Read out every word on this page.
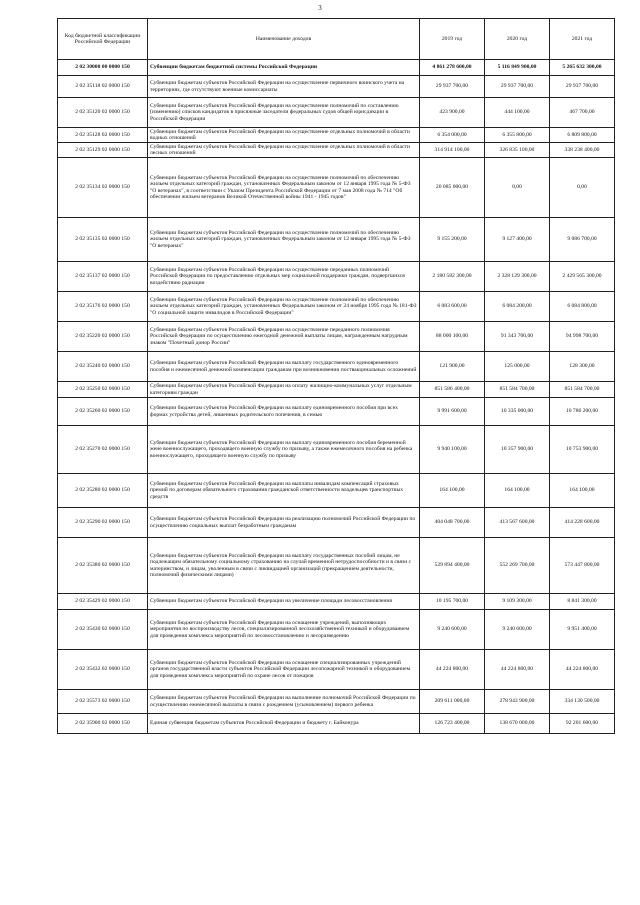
3
Код бюджетной классификации Российской Федерации	Наименование доходов	2019 год	2020 год	2021 год
2 02 30000 00 0000 150	Субвенции бюджетам бюджетной системы Российской Федерации	4 861 278 600,00	5 116 849 900,00	5 265 632 300,00
2 02 35118 02 0000 150	Субвенции бюджетам субъектов Российской Федерации на осуществление первичного воинского учета на территориях, где отсутствуют военные комиссариаты	29 937 700,00	29 937 700,00	29 937 700,00
2 02 35120 02 0000 150	Субвенции бюджетам субъектов Российской Федерации на осуществление полномочий по составлению (изменению) списков кандидатов в присяжные заседатели федеральных судов общей юрисдикции в Российской Федерации	423 900,00	444 100,00	467 700,00
2 02 35128 02 0000 150	Субвенции бюджетам субъектов Российской Федерации на осуществление отдельных полномочий в области водных отношений	6 354 000,00	6 355 800,00	6 809 800,00
2 02 35129 02 0000 150	Субвенции бюджетам субъектов Российской Федерации на осуществление отдельных полномочий в области лесных отношений	314 914 100,00	326 835 100,00	338 238 400,00
2 02 35134 02 0000 150	Субвенции бюджетам субъектов Российской Федерации на осуществление полномочий по обеспечению жильем отдельных категорий граждан, установленных Федеральным законом от 12 января 1995 года № 5-ФЗ "О ветеранах", в соответствии с Указом Президента Российской Федерации от 7 мая 2008 года № 714 "Об обеспечении жильем ветеранов Великой Отечественной войны 1941 - 1945 годов"	20 085 000,00	0,00	0,00
2 02 35135 02 0000 150	Субвенции бюджетам субъектов Российской Федерации на осуществление полномочий по обеспечению жильем отдельных категорий граждан, установленных Федеральным законом от 12 января 1995 года № 5-ФЗ "О ветеранах"	9 155 200,00	9 127 400,00	9 086 700,00
2 02 35137 02 0000 150	Субвенции бюджетам субъектов Российской Федерации на осуществление переданных полномочий Российской Федерации по предоставлению отдельных мер социальной поддержки граждан, подвергшихся воздействию радиации	2 180 582 300,00	2 328 129 300,00	2 429 565 300,00
2 02 35176 02 0000 150	Субвенции бюджетам субъектов Российской Федерации на осуществление полномочий по обеспечению жильем отдельных категорий граждан, установленных Федеральным законом от 24 ноября 1995 года № 181-ФЗ "О социальной защите инвалидов в Российской Федерации"	6 083 600,00	6 084 200,00	6 084 800,00
2 02 35220 02 0000 150	Субвенции бюджетам субъектов Российской Федерации на осуществление переданного полномочия Российской Федерации по осуществлению ежегодной денежной выплаты лицам, награжденным нагрудным знаком "Почетный донор России"	88 000 100,00	91 343 700,00	94 998 700,00
2 02 35240 02 0000 150	Субвенции бюджетам субъектов Российской Федерации на выплату государственного единовременного пособия и ежемесячной денежной компенсации гражданам при возникновении поствакцинальных осложнений	121 900,00	125 000,00	128 300,00
2 02 35250 02 0000 150	Субвенции бюджетам субъектов Российской Федерации на оплату жилищно-коммунальных услуг отдельным категориям граждан	851 586 400,00	851 584 700,00	851 584 700,00
2 02 35260 02 0000 150	Субвенции бюджетам субъектов Российской Федерации на выплату единовременного пособия при всех формах устройства детей, лишенных родительского попечения, в семью	9 991 600,00	10 335 000,00	10 786 200,00
2 02 35270 02 0000 150	Субвенции бюджетам субъектов Российской Федерации на выплату единовременного пособия беременной жене военнослужащего, проходящего военную службу по призыву, а также ежемесячного пособия на ребенка военнослужащего, проходящего военную службу по призыву	9 940 100,00	10 357 900,00	10 753 900,00
2 02 35280 02 0000 150	Субвенции бюджетам субъектов Российской Федерации на выплаты инвалидам компенсаций страховых премий по договорам обязательного страхования гражданской ответственности владельцев транспортных средств	164 100,00	164 100,00	164 100,00
2 02 35290 02 0000 150	Субвенции бюджетам субъектов Российской Федерации на реализацию полномочий Российской Федерации по осуществлению социальных выплат безработным гражданам	404 048 700,00	413 567 600,00	414 228 600,00
2 02 35380 02 0000 150	Субвенции бюджетам субъектов Российской Федерации на выплату государственных пособий лицам, не подлежащим обязательному социальному страхованию на случай временной нетрудоспособности и в связи с материнством, и лицам, уволенным в связи с ликвидацией организаций (прекращением деятельности, полномочий физическими лицами)	529 894 400,00	552 269 700,00	573 447 800,00
2 02 35429 02 0000 150	Субвенции бюджетам субъектов Российской Федерации на увеличение площади лесовосстановления	10 195 700,00	9 109 300,00	8 841 300,00
2 02 35430 02 0000 150	Субвенции бюджетам субъектов Российской Федерации на оснащение учреждений, выполняющих мероприятия по воспроизводству лесов, специализированной лесохозяйственной техникой и оборудованием для проведения комплекса мероприятий по лесовосстановлению и лесоразведению	9 240 600,00	9 240 600,00	9 951 400,00
2 02 35432 02 0000 150	Субвенции бюджетам субъектов Российской Федерации на оснащение специализированных учреждений органов государственной власти субъектов Российской Федерации лесопожарной техникой и оборудованием для проведения комплекса мероприятий по охране лесов от пожаров	44 224 800,00	44 224 800,00	44 224 800,00
2 02 35573 02 0000 150	Субвенции бюджетам субъектов Российской Федерации на выполнение полномочий Российской Федерации по осуществлению ежемесячной выплаты в связи с рождением (усыновлением) первого ребенка	209 611 000,00	278 943 900,00	334 130 500,00
2 02 35900 02 0000 150	Единая субвенция бюджетам субъектов Российской Федерации и бюджету г. Байконура	126 723 400,00	138 670 000,00	92 201 600,00
